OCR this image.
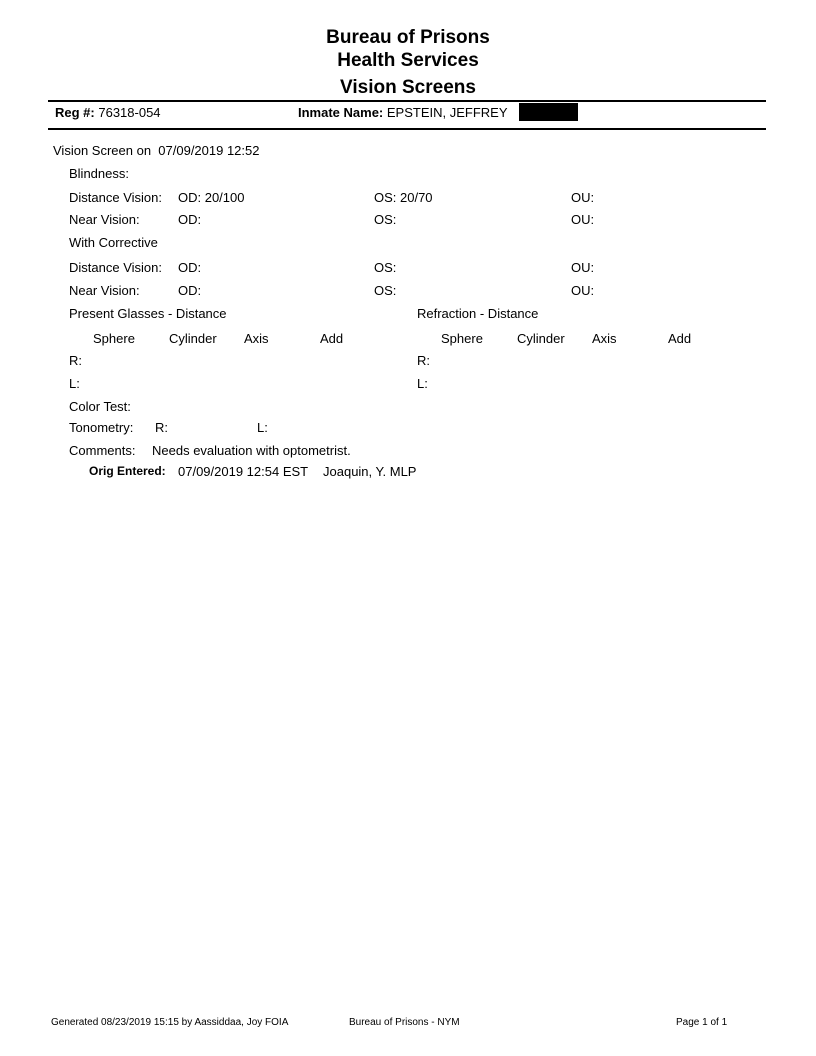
Bureau of Prisons
Health Services
Vision Screens
Reg #: 76318-054	Inmate Name: EPSTEIN, JEFFREY
Vision Screen on 07/09/2019 12:52
Blindness:
Distance Vision: OD: 20/100	OS: 20/70	OU:
Near Vision:	OD:	OS:	OU:
With Corrective
Distance Vision: OD:	OS:	OU:
Near Vision:	OD:	OS:	OU:
Present Glasses - Distance	Refraction - Distance
Sphere	Cylinder Axis	Add	Sphere	Cylinder Axis	Add
R:	R:
L:	L:
Color Test:
Tonometry: R:	L:
Comments: Needs evaluation with optometrist.
Orig Entered: 07/09/2019 12:54 EST Joaquin, Y. MLP
Generated 08/23/2019 15:15 by Aassiddaa, Joy FOIA	Bureau of Prisons - NYM	Page 1 of 1
